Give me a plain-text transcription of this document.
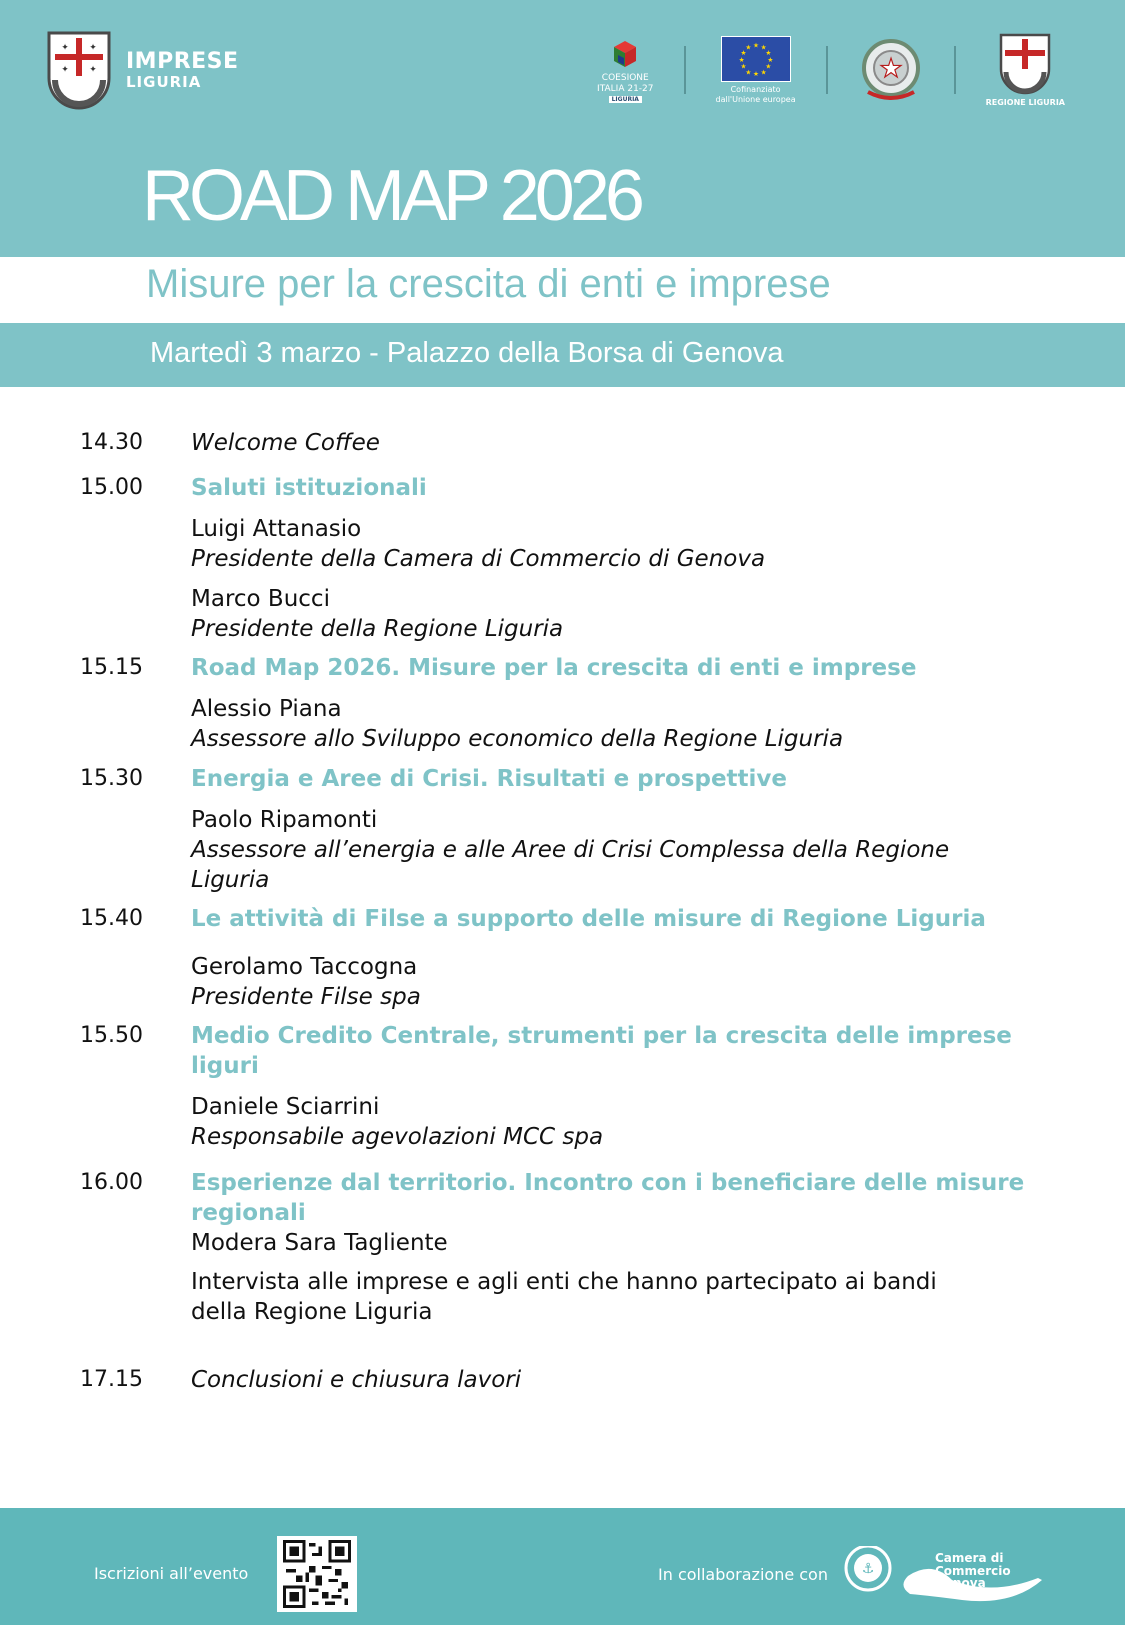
✦ ✦
✦ ✦ IMPRESE
LIGURIA	COESIONE
ITALIA 21-27
LIGURIA
★ ★
★
★
★
★
★
★
★
★
★
★
Cofinanziato
dall'Unione europea
★
REGIONE LIGURIA
ROAD MAP 2026
Misure per la crescita di enti e imprese
Martedì 3 marzo - Palazzo della Borsa di Genova
14.30 Welcome Coffee
15.00 Saluti istituzionali
Luigi Attanasio
Presidente della Camera di Commercio di Genova
Marco Bucci
Presidente della Regione Liguria
15.15 Road Map 2026. Misure per la crescita di enti e imprese
Alessio Piana
Assessore allo Sviluppo economico della Regione Liguria
15.30 Energia e Aree di Crisi. Risultati e prospettive
Paolo Ripamonti
Assessore all’energia e alle Aree di Crisi Complessa della Regione
Liguria
15.40 Le attività di Filse a supporto delle misure di Regione Liguria
Gerolamo Taccogna
Presidente Filse spa
15.50 Medio Credito Centrale, strumenti per la crescita delle imprese
liguri
Daniele Sciarrini
Responsabile agevolazioni MCC spa
16.00 Esperienze dal territorio. Incontro con i beneficiare delle misure
regionali
Modera Sara Tagliente
Intervista alle imprese e agli enti che hanno partecipato ai bandi
della Regione Liguria
17.15 Conclusioni e chiusura lavori
Iscrizioni all’evento	In collaborazione con ⚓
Camera di Commercio
Genova
